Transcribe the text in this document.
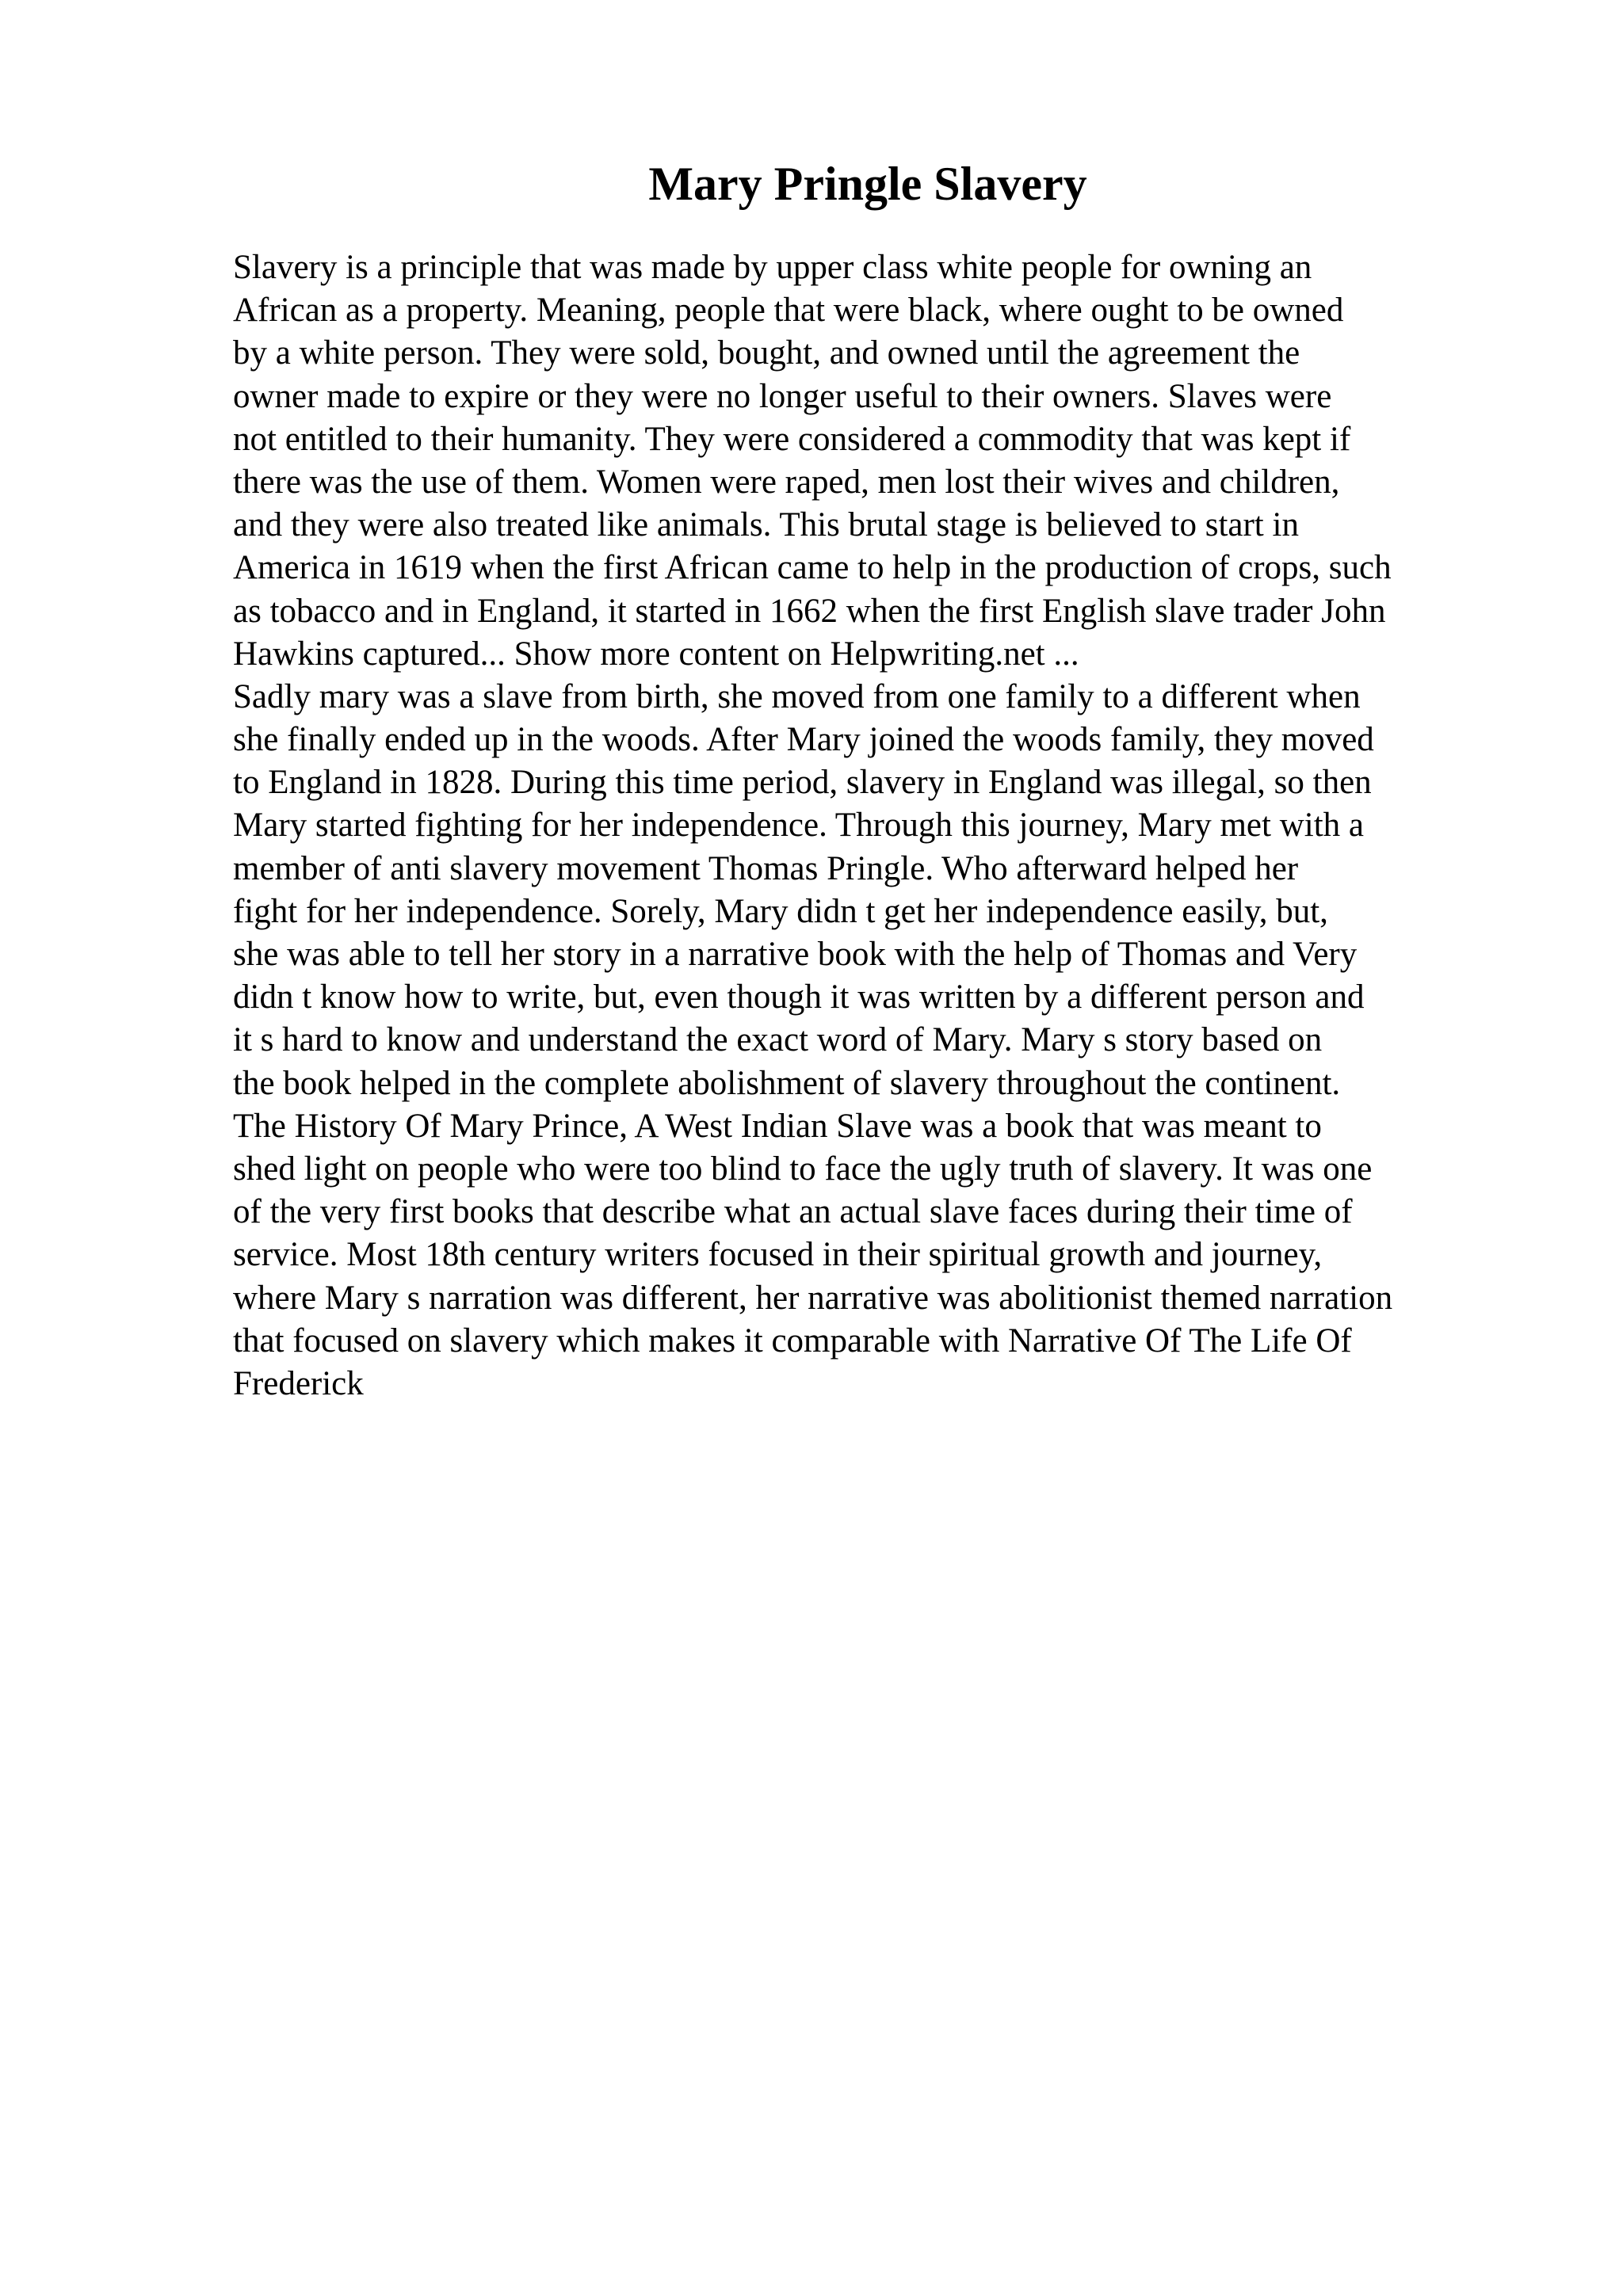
Mary Pringle Slavery
Slavery is a principle that was made by upper class white people for owning an
African as a property. Meaning, people that were black, where ought to be owned
by a white person. They were sold, bought, and owned until the agreement the
owner made to expire or they were no longer useful to their owners. Slaves were
not entitled to their humanity. They were considered a commodity that was kept if
there was the use of them. Women were raped, men lost their wives and children,
and they were also treated like animals. This brutal stage is believed to start in
America in 1619 when the first African came to help in the production of crops, such
as tobacco and in England, it started in 1662 when the first English slave trader John
Hawkins captured... Show more content on Helpwriting.net ...
Sadly mary was a slave from birth, she moved from one family to a different when
she finally ended up in the woods. After Mary joined the woods family, they moved
to England in 1828. During this time period, slavery in England was illegal, so then
Mary started fighting for her independence. Through this journey, Mary met with a
member of anti slavery movement Thomas Pringle. Who afterward helped her
fight for her independence. Sorely, Mary didn t get her independence easily, but,
she was able to tell her story in a narrative book with the help of Thomas and Very
didn t know how to write, but, even though it was written by a different person and
it s hard to know and understand the exact word of Mary. Mary s story based on
the book helped in the complete abolishment of slavery throughout the continent.
The History Of Mary Prince, A West Indian Slave was a book that was meant to
shed light on people who were too blind to face the ugly truth of slavery. It was one
of the very first books that describe what an actual slave faces during their time of
service. Most 18th century writers focused in their spiritual growth and journey,
where Mary s narration was different, her narrative was abolitionist themed narration
that focused on slavery which makes it comparable with Narrative Of The Life Of
Frederick
